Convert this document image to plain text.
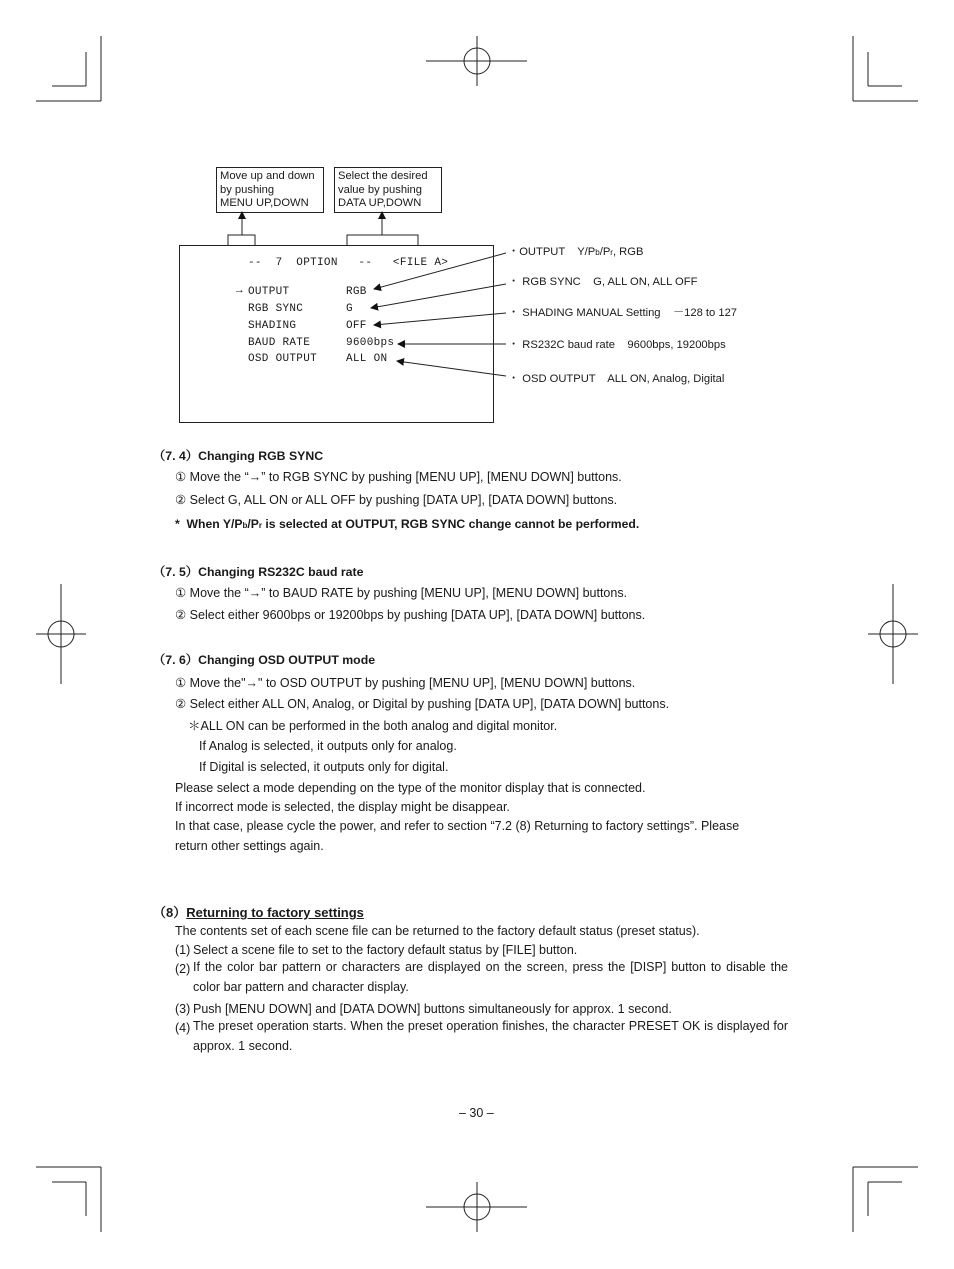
Move up and down
by pushing
MENU UP,DOWN
Select the desired
value by pushing
DATA UP,DOWN
--  7  OPTION   --   <FILE A>
→ OUTPUT	RGB
RGB SYNC	G
SHADING	OFF
BAUD RATE	9600bps
OSD OUTPUT	ALL ON
・OUTPUT    Y/Pb/Pr, RGB
・ RGB SYNC    G, ALL ON, ALL OFF
・ SHADING MANUAL Setting    －128 to 127
・ RS232C baud rate    9600bps, 19200bps
・ OSD OUTPUT    ALL ON, Analog, Digital
（7. 4）Changing RGB SYNC
① Move the “→” to RGB SYNC by pushing [MENU UP], [MENU DOWN] buttons.
② Select G, ALL ON or ALL OFF by pushing [DATA UP], [DATA DOWN] buttons.
*  When Y/Pb/Pr is selected at OUTPUT, RGB SYNC change cannot be performed.
（7. 5）Changing RS232C baud rate
① Move the “→” to BAUD RATE by pushing [MENU UP], [MENU DOWN] buttons.
② Select either 9600bps or 19200bps by pushing [DATA UP], [DATA DOWN] buttons.
（7. 6）Changing OSD OUTPUT mode
① Move the"→" to OSD OUTPUT by pushing [MENU UP], [MENU DOWN] buttons.
② Select either ALL ON, Analog, or Digital by pushing [DATA UP], [DATA DOWN] buttons.
＊ALL ON can be performed in the both analog and digital monitor.
If Analog is selected, it outputs only for analog.
If Digital is selected, it outputs only for digital.
Please select a mode depending on the type of the monitor display that is connected.
If incorrect mode is selected, the display might be disappear.
In that case, please cycle the power, and refer to section “7.2 (8) Returning to factory settings”. Please
return other settings again.
（8）Returning to factory settings
The contents set of each scene file can be returned to the factory default status (preset status).
(1) Select a scene file to set to the factory default status by [FILE] button.
(2) If the color bar pattern or characters are displayed on the screen, press the [DISP] button to disable the color bar pattern and character display.
(3) Push [MENU DOWN] and [DATA DOWN] buttons simultaneously for approx. 1 second.
(4) The preset operation starts. When the preset operation finishes, the character PRESET OK is displayed for approx. 1 second.
– 30 –
